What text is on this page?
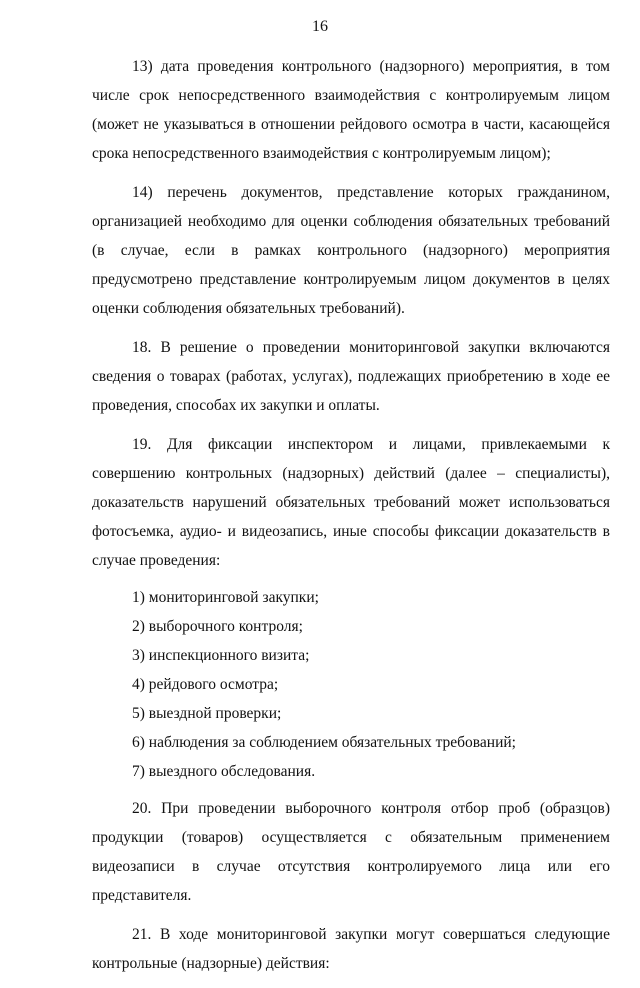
16

13) дата проведения контрольного (надзорного) мероприятия, в том числе срок непосредственного взаимодействия с контролируемым лицом (может не указываться в отношении рейдового осмотра в части, касающейся срока непосредственного взаимодействия с контролируемым лицом);

14) перечень документов, представление которых гражданином, организацией необходимо для оценки соблюдения обязательных требований (в случае, если в рамках контрольного (надзорного) мероприятия предусмотрено представление контролируемым лицом документов в целях оценки соблюдения обязательных требований).

18. В решение о проведении мониторинговой закупки включаются сведения о товарах (работах, услугах), подлежащих приобретению в ходе ее проведения, способах их закупки и оплаты.

19. Для фиксации инспектором и лицами, привлекаемыми к совершению контрольных (надзорных) действий (далее – специалисты), доказательств нарушений обязательных требований может использоваться фотосъемка, аудио- и видеозапись, иные способы фиксации доказательств в случае проведения:

1) мониторинговой закупки;
2) выборочного контроля;
3) инспекционного визита;
4) рейдового осмотра;
5) выездной проверки;
6) наблюдения за соблюдением обязательных требований;
7) выездного обследования.

20. При проведении выборочного контроля отбор проб (образцов) продукции (товаров) осуществляется с обязательным применением видеозаписи в случае отсутствия контролируемого лица или его представителя.

21. В ходе мониторинговой закупки могут совершаться следующие контрольные (надзорные) действия:
